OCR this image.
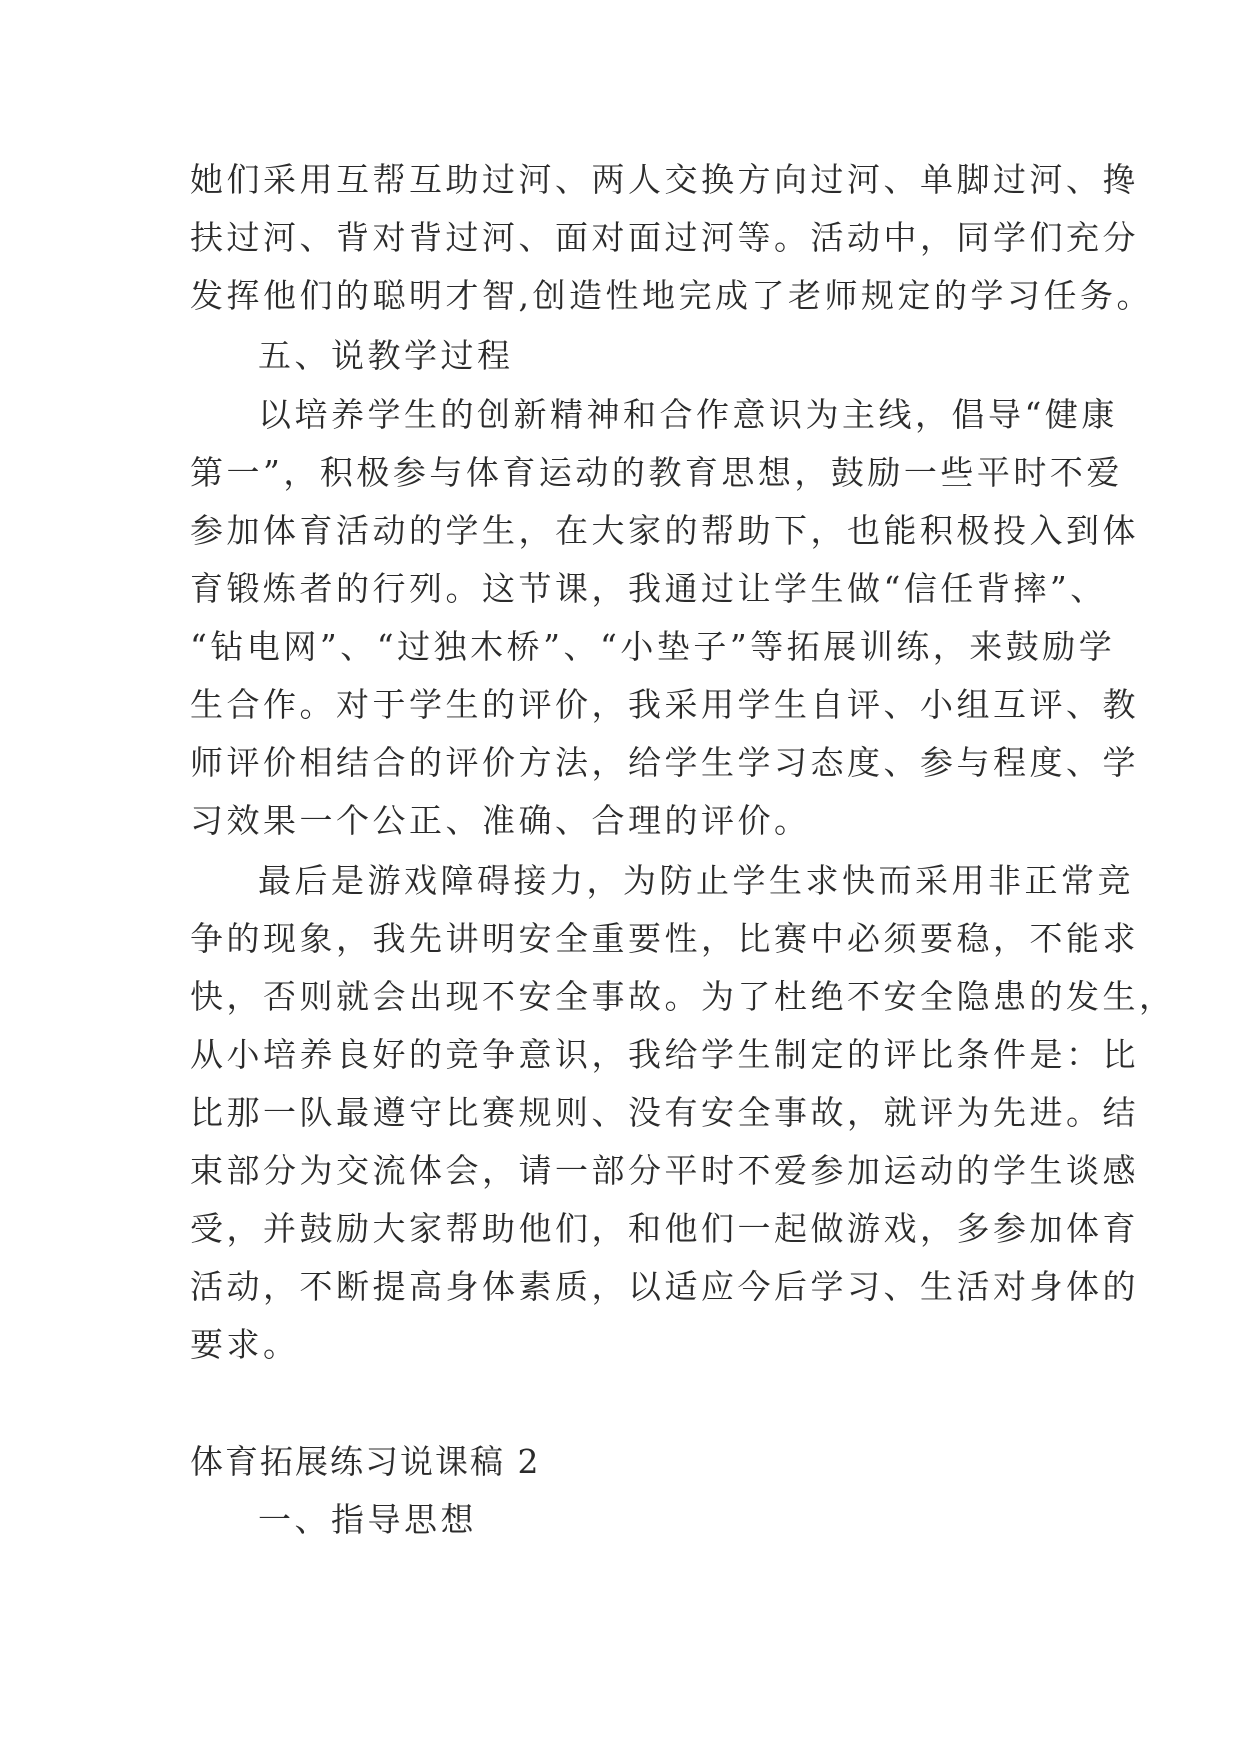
她们采用互帮互助过河、两人交换方向过河、单脚过河、搀
扶过河、背对背过河、面对面过河等。活动中，同学们充分
发挥他们的聪明才智,创造性地完成了老师规定的学习任务。
五、说教学过程
以培养学生的创新精神和合作意识为主线，倡导“健康
第一”，积极参与体育运动的教育思想，鼓励一些平时不爱
参加体育活动的学生，在大家的帮助下，也能积极投入到体
育锻炼者的行列。这节课，我通过让学生做“信任背摔”、
“钻电网”、“过独木桥”、“小垫子”等拓展训练，来鼓励学
生合作。对于学生的评价，我采用学生自评、小组互评、教
师评价相结合的评价方法，给学生学习态度、参与程度、学
习效果一个公正、准确、合理的评价。
最后是游戏障碍接力，为防止学生求快而采用非正常竞
争的现象，我先讲明安全重要性，比赛中必须要稳，不能求
快，否则就会出现不安全事故。为了杜绝不安全隐患的发生，
从小培养良好的竞争意识，我给学生制定的评比条件是：比
比那一队最遵守比赛规则、没有安全事故，就评为先进。结
束部分为交流体会，请一部分平时不爱参加运动的学生谈感
受，并鼓励大家帮助他们，和他们一起做游戏，多参加体育
活动，不断提高身体素质，以适应今后学习、生活对身体的
要求。
体育拓展练习说课稿 2
一、指导思想
